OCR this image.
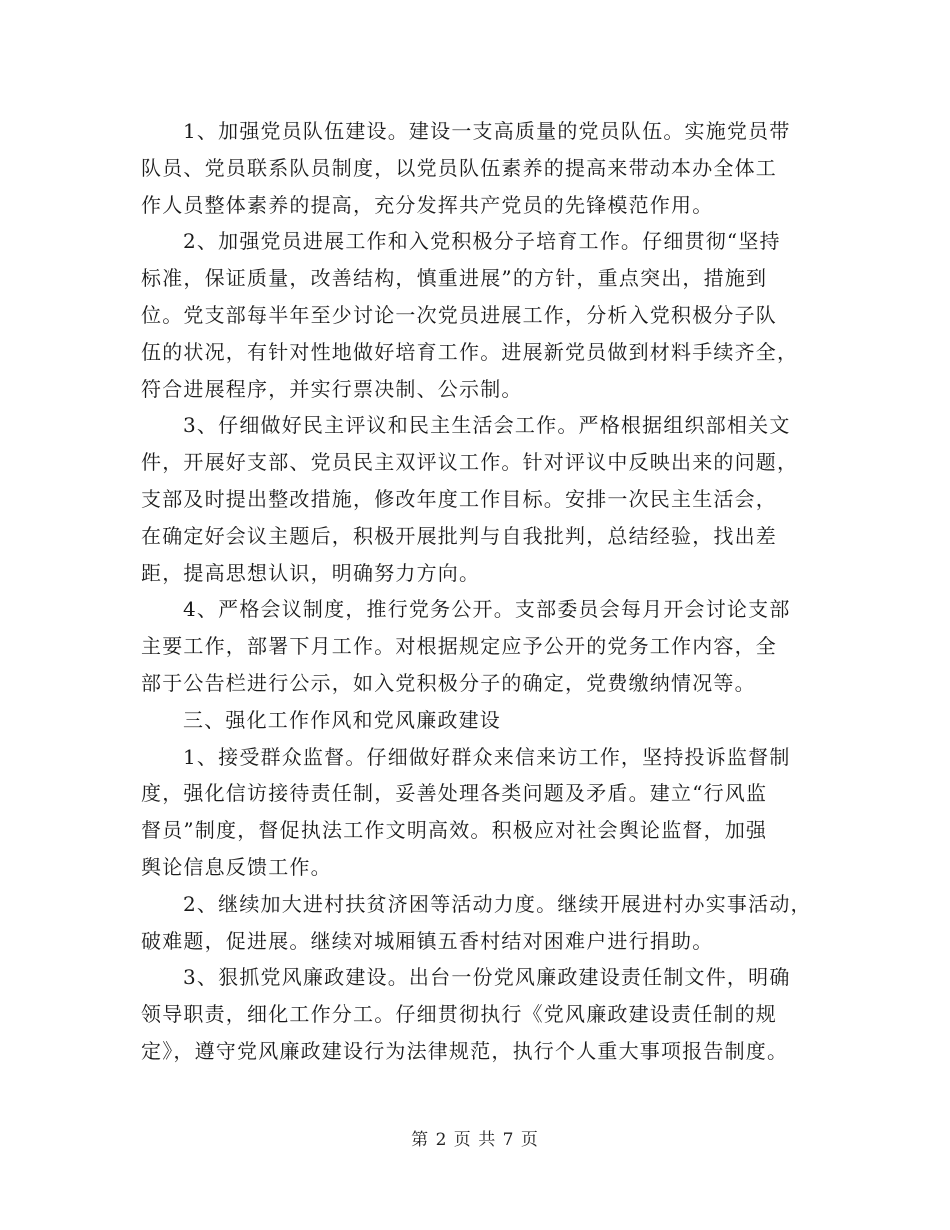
1、加强党员队伍建设。建设一支高质量的党员队伍。实施党员带
队员、党员联系队员制度，以党员队伍素养的提高来带动本办全体工
作人员整体素养的提高，充分发挥共产党员的先锋模范作用。
2、加强党员进展工作和入党积极分子培育工作。仔细贯彻“坚持
标准，保证质量，改善结构，慎重进展”的方针，重点突出，措施到
位。党支部每半年至少讨论一次党员进展工作，分析入党积极分子队
伍的状况，有针对性地做好培育工作。进展新党员做到材料手续齐全，
符合进展程序，并实行票决制、公示制。
3、仔细做好民主评议和民主生活会工作。严格根据组织部相关文
件，开展好支部、党员民主双评议工作。针对评议中反映出来的问题，
支部及时提出整改措施，修改年度工作目标。安排一次民主生活会，
在确定好会议主题后，积极开展批判与自我批判，总结经验，找出差
距，提高思想认识，明确努力方向。
4、严格会议制度，推行党务公开。支部委员会每月开会讨论支部
主要工作，部署下月工作。对根据规定应予公开的党务工作内容，全
部于公告栏进行公示，如入党积极分子的确定，党费缴纳情况等。
三、强化工作作风和党风廉政建设
1、接受群众监督。仔细做好群众来信来访工作，坚持投诉监督制
度，强化信访接待责任制，妥善处理各类问题及矛盾。建立“行风监
督员”制度，督促执法工作文明高效。积极应对社会舆论监督，加强
舆论信息反馈工作。
2、继续加大进村扶贫济困等活动力度。继续开展进村办实事活动，
破难题，促进展。继续对城厢镇五香村结对困难户进行捐助。
3、狠抓党风廉政建设。出台一份党风廉政建设责任制文件，明确
领导职责，细化工作分工。仔细贯彻执行《党风廉政建设责任制的规
定》，遵守党风廉政建设行为法律规范，执行个人重大事项报告制度。
第 2 页 共 7 页
